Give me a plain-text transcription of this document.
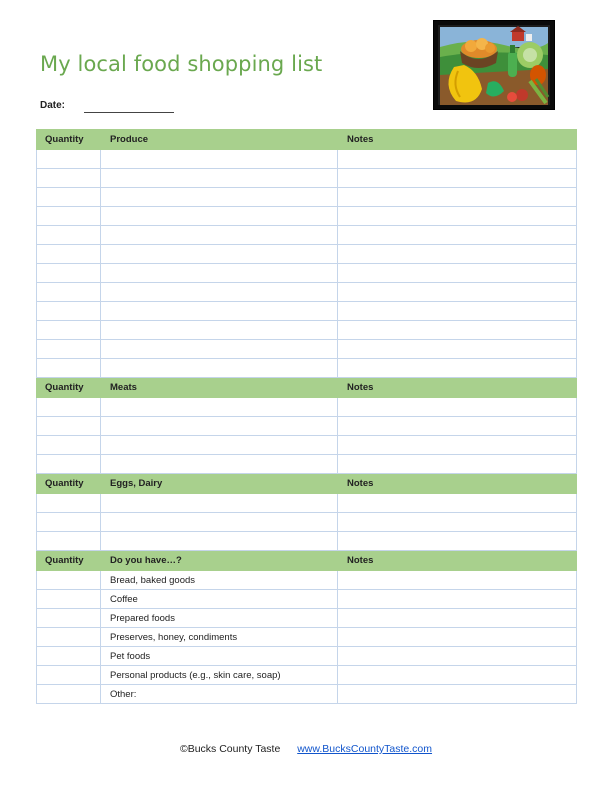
My local food shopping list
Date:
Quantity	Produce	Notes

Quantity	Meats	Notes

Quantity	Eggs, Dairy	Notes

Quantity	Do you have…?	Notes
	Bread, baked goods	
	Coffee	
	Prepared foods	
	Preserves, honey, condiments	
	Pet foods	
	Personal products (e.g., skin care, soap)	
	Other:	
©Bucks County Taste www.BucksCountyTaste.com
